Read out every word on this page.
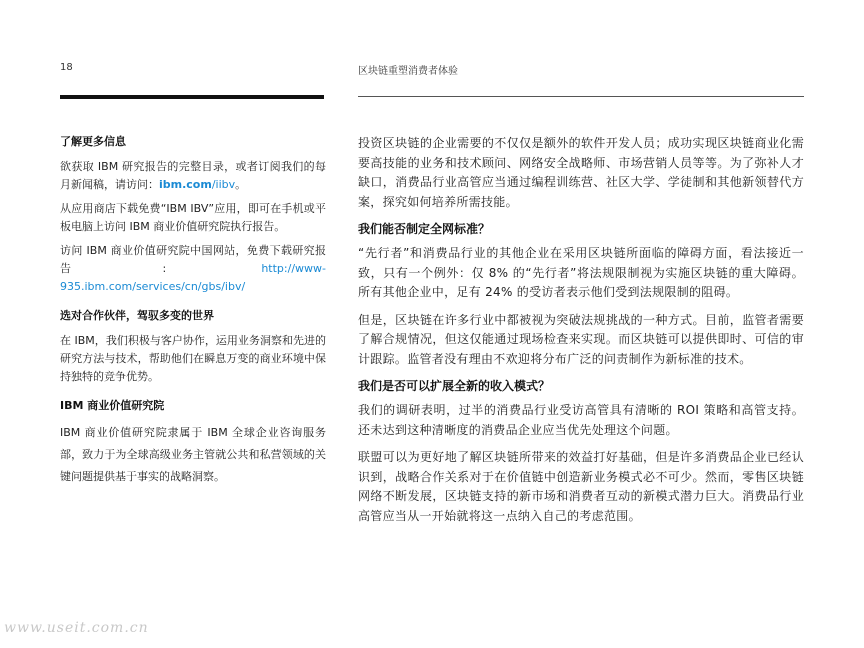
18	区块链重塑消费者体验
了解更多信息

欲获取 IBM 研究报告的完整目录，或者订阅我们的每月新闻稿，请访问：ibm.com/iibv。

从应用商店下载免费“IBM IBV”应用，即可在手机或平板电脑上访问 IBM 商业价值研究院执行报告。

访问 IBM 商业价值研究院中国网站，免费下载研究报告: http://www-935.ibm.com/services/cn/gbs/ibv/

选对合作伙伴，驾驭多变的世界

在 IBM，我们积极与客户协作，运用业务洞察和先进的研究方法与技术，帮助他们在瞬息万变的商业环境中保持独特的竞争优势。

IBM 商业价值研究院

IBM 商业价值研究院隶属于 IBM 全球企业咨询服务部，致力于为全球高级业务主管就公共和私营领域的关键问题提供基于事实的战略洞察。

投资区块链的企业需要的不仅仅是额外的软件开发人员；成功实现区块链商业化需要高技能的业务和技术顾问、网络安全战略师、市场营销人员等等。为了弥补人才缺口，消费品行业高管应当通过编程训练营、社区大学、学徒制和其他新领替代方案，探究如何培养所需技能。

我们能否制定全网标准？

“先行者”和消费品行业的其他企业在采用区块链所面临的障碍方面，看法接近一致，只有一个例外：仅 8% 的“先行者”将法规限制视为实施区块链的重大障碍。所有其他企业中，足有 24% 的受访者表示他们受到法规限制的阻碍。

但是，区块链在许多行业中都被视为突破法规挑战的一种方式。目前，监管者需要了解合规情况，但这仅能通过现场检查来实现。而区块链可以提供即时、可信的审计跟踪。监管者没有理由不欢迎将分布广泛的问责制作为新标准的技术。

我们是否可以扩展全新的收入模式？

我们的调研表明，过半的消费品行业受访高管具有清晰的 ROI 策略和高管支持。还未达到这种清晰度的消费品企业应当优先处理这个问题。

联盟可以为更好地了解区块链所带来的效益打好基础，但是许多消费品企业已经认识到，战略合作关系对于在价值链中创造新业务模式必不可少。然而，零售区块链网络不断发展，区块链支持的新市场和消费者互动的新模式潜力巨大。消费品行业高管应当从一开始就将这一点纳入自己的考虑范围。

www.useit.com.cn
